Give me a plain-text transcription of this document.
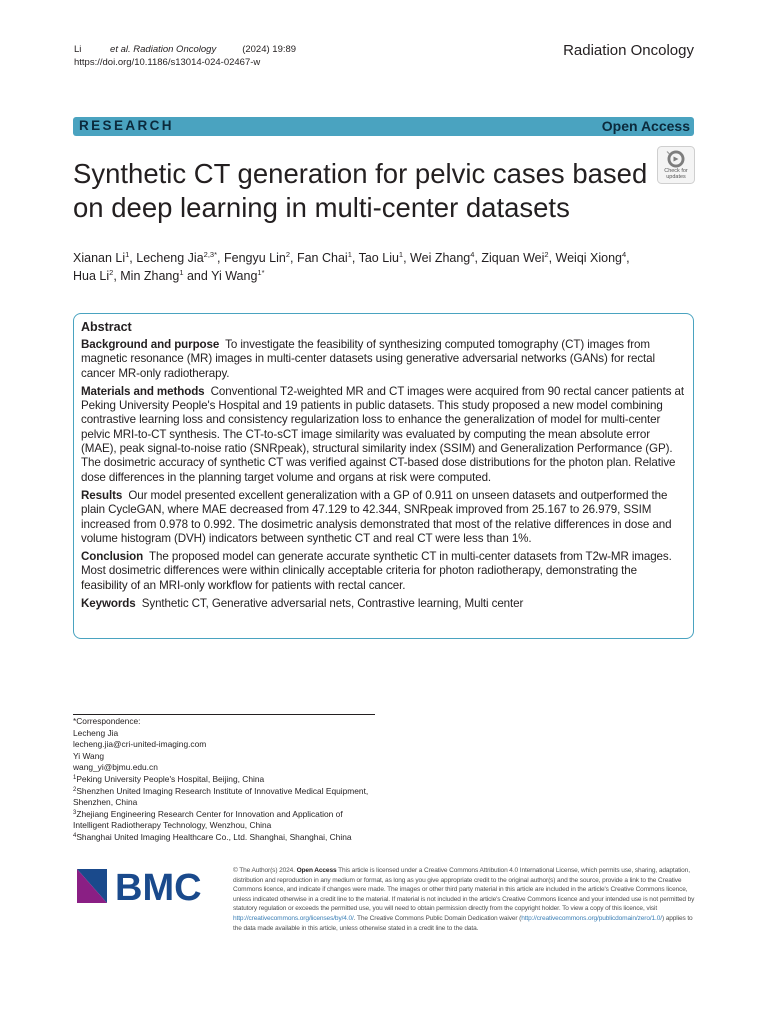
Li	et al. Radiation Oncology	(2024) 19:89
https://doi.org/10.1186/s13014-024-02467-w
Radiation Oncology
RESEARCH	Open Access
Synthetic CT generation for pelvic cases based on deep learning in multi-center datasets
Check for
updates
Xianan Li$^1$, Lecheng Jia$^{2,3*}$, Fengyu Lin$^2$, Fan Chai$^1$, Tao Liu$^1$, Wei Zhang$^4$, Ziquan Wei$^2$, Weiqi Xiong$^4$, Hua Li$^2$, Min Zhang$^1$ and Yi Wang$^{1*}$
Abstract

Background and purpose To investigate the feasibility of synthesizing computed tomography (CT) images from magnetic resonance (MR) images in multi-center datasets using generative adversarial networks (GANs) for rectal cancer MR-only radiotherapy.

Materials and methods Conventional T2-weighted MR and CT images were acquired from 90 rectal cancer patients at Peking University People's Hospital and 19 patients in public datasets. This study proposed a new model combining contrastive learning loss and consistency regularization loss to enhance the generalization of model for multi-center pelvic MRI-to-CT synthesis. The CT-to-sCT image similarity was evaluated by computing the mean absolute error (MAE), peak signal-to-noise ratio (SNRpeak), structural similarity index (SSIM) and Generalization Performance (GP). The dosimetric accuracy of synthetic CT was verified against CT-based dose distributions for the photon plan. Relative dose differences in the planning target volume and organs at risk were computed.

Results Our model presented excellent generalization with a GP of 0.911 on unseen datasets and outperformed the plain CycleGAN, where MAE decreased from 47.129 to 42.344, SNRpeak improved from 25.167 to 26.979, SSIM increased from 0.978 to 0.992. The dosimetric analysis demonstrated that most of the relative differences in dose and volume histogram (DVH) indicators between synthetic CT and real CT were less than 1%.

Conclusion The proposed model can generate accurate synthetic CT in multi-center datasets from T2w-MR images. Most dosimetric differences were within clinically acceptable criteria for photon radiotherapy, demonstrating the feasibility of an MRI-only workflow for patients with rectal cancer.

Keywords Synthetic CT, Generative adversarial nets, Contrastive learning, Multi center

*Correspondence:
Lecheng Jia
lecheng.jia@cri-united-imaging.com
Yi Wang
wang_yi@bjmu.edu.cn
$^1$Peking University People's Hospital, Beijing, China
$^2$Shenzhen United Imaging Research Institute of Innovative Medical Equipment, Shenzhen, China
$^3$Zhejiang Engineering Research Center for Innovation and Application of Intelligent Radiotherapy Technology, Wenzhou, China
$^4$Shanghai United Imaging Healthcare Co., Ltd. Shanghai, Shanghai, China
BMC	© The Author(s) 2024. Open Access This article is licensed under a Creative Commons Attribution 4.0 International License, which permits use, sharing, adaptation, distribution and reproduction in any medium or format, as long as you give appropriate credit to the original author(s) and the source, provide a link to the Creative Commons licence, and indicate if changes were made. The images or other third party material in this article are included in the article's Creative Commons licence, unless indicated otherwise in a credit line to the material. If material is not included in the article's Creative Commons licence and your intended use is not permitted by statutory regulation or exceeds the permitted use, you will need to obtain permission directly from the copyright holder. To view a copy of this licence, visit http://creativecommons.org/licenses/by/4.0/. The Creative Commons Public Domain Dedication waiver (http://creativecommons.org/publicdomain/zero/1.0/) applies to the data made available in this article, unless otherwise stated in a credit line to the data.
